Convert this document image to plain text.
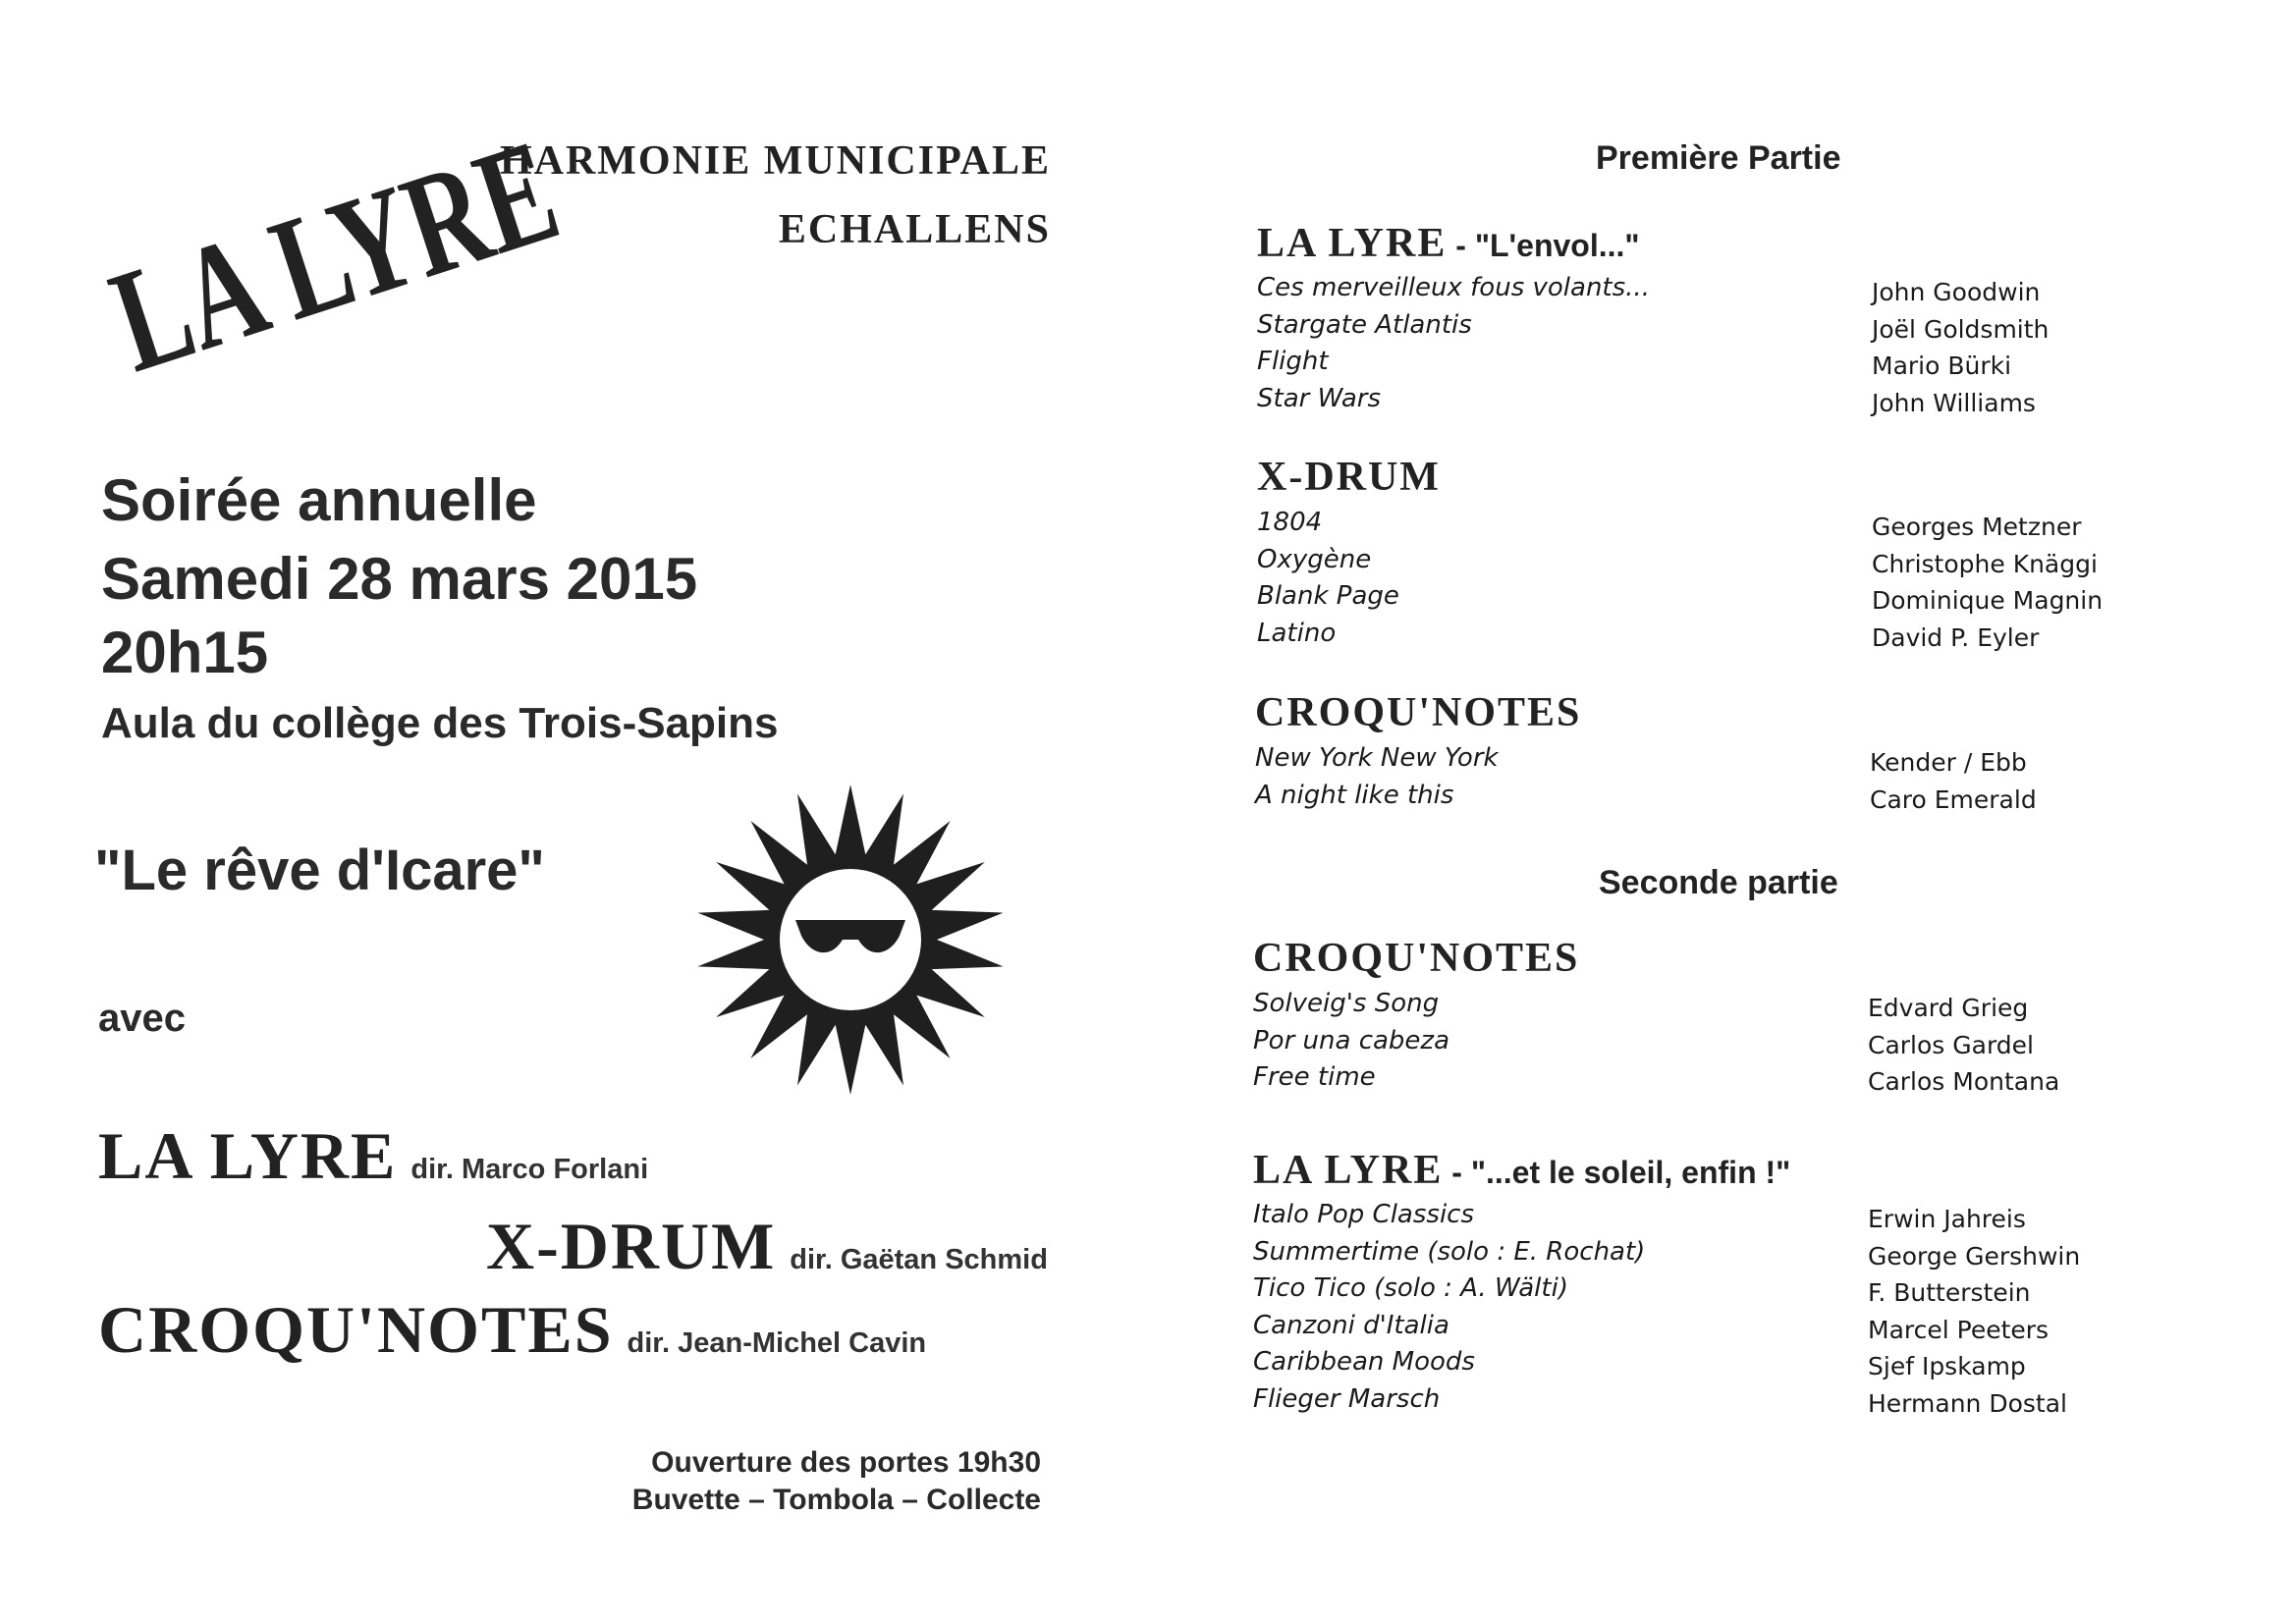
LA LYRE
HARMONIE MUNICIPALE
ECHALLENS
Soirée annuelle
Samedi 28 mars 2015
20h15
Aula du collège des Trois-Sapins
"Le rêve d'Icare"
avec
LA LYRE dir. Marco Forlani
X-DRUM dir. Gaëtan Schmid
CROQU'NOTES dir. Jean-Michel Cavin
Ouverture des portes 19h30
Buvette – Tombola – Collecte
Première Partie
LA LYRE - "L'envol..."
Ces merveilleux fous volants...	John Goodwin
Stargate Atlantis	Joël Goldsmith
Flight	Mario Bürki
Star Wars	John Williams
X-DRUM
1804	Georges Metzner
Oxygène	Christophe Knäggi
Blank Page	Dominique Magnin
Latino	David P. Eyler
CROQU'NOTES
New York New York	Kender / Ebb
A night like this	Caro Emerald
Seconde partie
CROQU'NOTES
Solveig's Song	Edvard Grieg
Por una cabeza	Carlos Gardel
Free time	Carlos Montana
LA LYRE - "...et le soleil, enfin !"
Italo Pop Classics	Erwin Jahreis
Summertime (solo : E. Rochat)	George Gershwin
Tico Tico (solo : A. Wälti)	F. Butterstein
Canzoni d'Italia	Marcel Peeters
Caribbean Moods	Sjef Ipskamp
Flieger Marsch	Hermann Dostal
